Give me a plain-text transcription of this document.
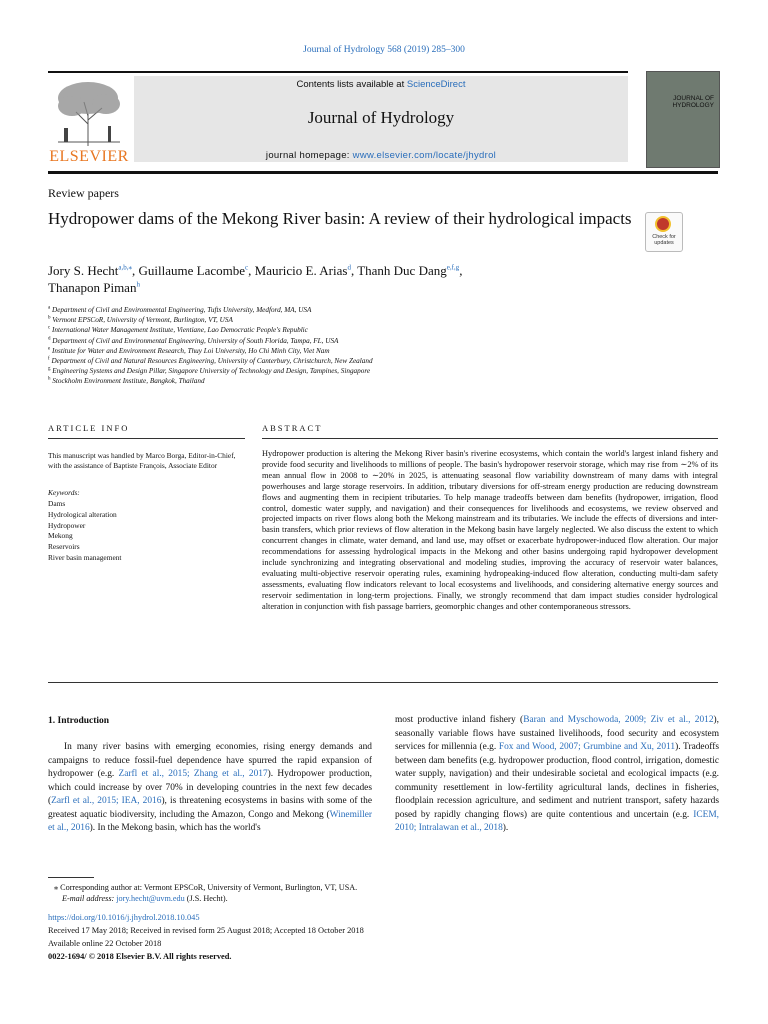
Journal of Hydrology 568 (2019) 285–300
ELSEVIER
Contents lists available at ScienceDirect
Journal of Hydrology
journal homepage: www.elsevier.com/locate/jhydrol
JOURNAL OF HYDROLOGY
Review papers
Hydropower dams of the Mekong River basin: A review of their hydrological impacts
Check for updates
Jory S. Hecht$^{a,b,⁎}$, Guillaume Lacombe$^c$, Mauricio E. Arias$^d$, Thanh Duc Dang$^{e,f,g}$,
Thanapon Piman$^h$
$^a$ Department of Civil and Environmental Engineering, Tufts University, Medford, MA, USA
$^b$ Vermont EPSCoR, University of Vermont, Burlington, VT, USA
$^c$ International Water Management Institute, Vientiane, Lao Democratic People's Republic
$^d$ Department of Civil and Environmental Engineering, University of South Florida, Tampa, FL, USA
$^e$ Institute for Water and Environment Research, Thuy Loi University, Ho Chi Minh City, Viet Nam
$^f$ Department of Civil and Natural Resources Engineering, University of Canterbury, Christchurch, New Zealand
$^g$ Engineering Systems and Design Pillar, Singapore University of Technology and Design, Tampines, Singapore
$^h$ Stockholm Environment Institute, Bangkok, Thailand
ARTICLE INFO	ABSTRACT
This manuscript was handled by Marco Borga, Editor-in-Chief, with the assistance of Baptiste François, Associate Editor
Keywords:
Dams
Hydrological alteration
Hydropower
Mekong
Reservoirs
River basin management
Hydropower production is altering the Mekong River basin's riverine ecosystems, which contain the world's largest inland fishery and provide food security and livelihoods to millions of people. The basin's hydropower reservoir storage, which may rise from ∼2% of its mean annual flow in 2008 to ∼20% in 2025, is attenuating seasonal flow variability downstream of many dams with integral powerhouses and large storage reservoirs. In addition, tributary diversions for off-stream energy production are reducing downstream flows and augmenting them in recipient tributaries. To help manage tradeoffs between dam benefits (hydropower, irrigation, flood control, domestic water supply, and navigation) and their consequences for livelihoods and ecosystems, we review observed and projected impacts on river flows along both the Mekong mainstream and its tributaries. We include the effects of diversions and inter-basin transfers, which prior reviews of flow alteration in the Mekong basin have largely neglected. We also discuss the extent to which concurrent changes in climate, water demand, and land use, may offset or exacerbate hydropower-induced flow alteration. Our major recommendations for assessing hydrological impacts in the Mekong and other basins undergoing rapid hydropower development include synchronizing and integrating observational and modeling studies, improving the accuracy of reservoir water balances, evaluating multi-objective reservoir operating rules, examining hydropeaking-induced flow alteration, conducting multi-dam safety assessments, evaluating flow indicators relevant to local ecosystems and livelihoods, and considering alternative energy sources and reservoir sedimentation in long-term projections. Finally, we strongly recommend that dam impact studies consider hydrological alteration in conjunction with fish passage barriers, geomorphic changes and other contemporaneous stressors.
1. Introduction
In many river basins with emerging economies, rising energy demands and campaigns to reduce fossil-fuel dependence have spurred the rapid expansion of hydropower (e.g. Zarfl et al., 2015; Zhang et al., 2017). Hydropower production, which could increase by over 70% in developing countries in the next few decades (Zarfl et al., 2015; IEA, 2016), is threatening ecosystems in basins with some of the greatest aquatic biodiversity, including the Amazon, Congo and Mekong (Winemiller et al., 2016). In the Mekong basin, which has the world's
most productive inland fishery (Baran and Myschowoda, 2009; Ziv et al., 2012), seasonally variable flows have sustained livelihoods, food security and ecosystem services for millennia (e.g. Fox and Wood, 2007; Grumbine and Xu, 2011). Tradeoffs between dam benefits (e.g. hydropower production, flood control, irrigation, domestic water supply, navigation) and their undesirable societal and ecological impacts (e.g. community resettlement in low-fertility agricultural lands, declines in fisheries, floodplain recession agriculture, and sediment and nutrient transport, safety hazards posed by rapidly changing flows) are quite contentious and uncertain (e.g. ICEM, 2010; Intralawan et al., 2018).
⁎ Corresponding author at: Vermont EPSCoR, University of Vermont, Burlington, VT, USA.
E-mail address: jory.hecht@uvm.edu (J.S. Hecht).
https://doi.org/10.1016/j.jhydrol.2018.10.045
Received 17 May 2018; Received in revised form 25 August 2018; Accepted 18 October 2018
Available online 22 October 2018
0022-1694/ © 2018 Elsevier B.V. All rights reserved.
